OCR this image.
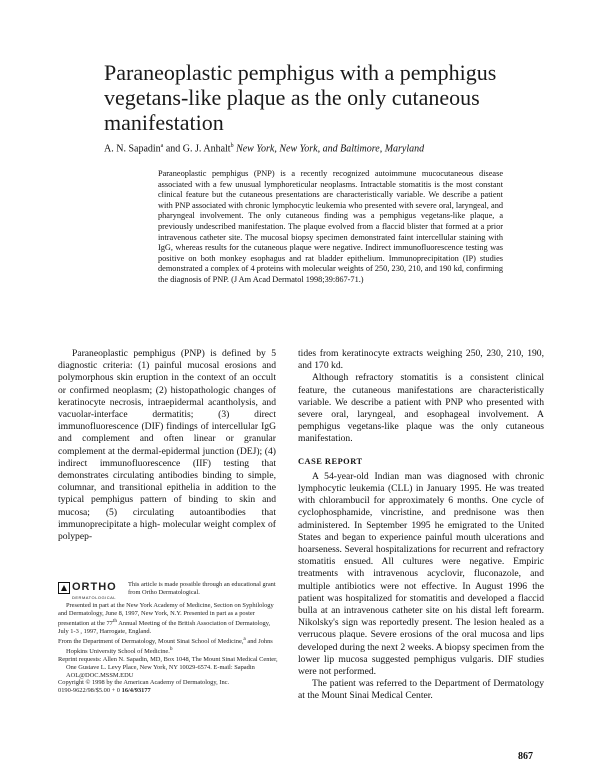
Paraneoplastic pemphigus with a pemphigus
vegetans-like plaque as the only cutaneous
manifestation
A. N. Sapadin$^a$ and G. J. Anhalt$^b$ New York, New York, and Baltimore, Maryland
Paraneoplastic pemphigus (PNP) is a recently recognized autoimmune mucocutaneous disease associated with a few unusual lymphoreticular neoplasms. Intractable stomatitis is the most constant clinical feature but the cutaneous presentations are characteristically variable. We describe a patient with PNP associated with chronic lymphocytic leukemia who presented with severe oral, laryngeal, and pharyngeal involvement. The only cutaneous finding was a pemphigus vegetans-like plaque, a previously undescribed manifestation. The plaque evolved from a flaccid blister that formed at a prior intravenous catheter site. The mucosal biopsy specimen demonstrated faint intercellular staining with IgG, whereas results for the cutaneous plaque were negative. Indirect immunofluorescence testing was positive on both monkey esophagus and rat bladder epithelium. Immunoprecipitation (IP) studies demonstrated a complex of 4 proteins with molecular weights of 250, 230, 210, and 190 kd, confirming the diagnosis of PNP. (J Am Acad Dermatol 1998;39:867-71.)

Paraneoplastic pemphigus (PNP) is defined by 5 diagnostic criteria: (1) painful mucosal erosions and polymorphous skin eruption in the context of an occult or confirmed neoplasm; (2) histopathologic changes of keratinocyte necrosis, intraepidermal acantholysis, and vacuolar-interface dermatitis; (3) direct immunofluorescence (DIF) findings of intercellular IgG and complement and often linear or granular complement at the dermal-epidermal junction (DEJ); (4) indirect immunofluorescence (IIF) testing that demonstrates circulating antibodies binding to simple, columnar, and transitional epithelia in addition to the typical pemphigus pattern of binding to skin and mucosa; (5) circulating autoantibodies that immunoprecipitate a high- molecular weight complex of polypep-

tides from keratinocyte extracts weighing 250, 230, 210, 190, and 170 kd.

Although refractory stomatitis is a consistent clinical feature, the cutaneous manifestations are characteristically variable. We describe a patient with PNP who presented with severe oral, laryngeal, and esophageal involvement. A pemphigus vegetans-like plaque was the only cutaneous manifestation.

CASE REPORT

A 54-year-old Indian man was diagnosed with chronic lymphocytic leukemia (CLL) in January 1995. He was treated with chlorambucil for approximately 6 months. One cycle of cyclophosphamide, vincristine, and prednisone was then administered. In September 1995 he emigrated to the United States and began to experience painful mouth ulcerations and hoarseness. Several hospitalizations for recurrent and refractory stomatitis ensued. All cultures were negative. Empiric treatments with intravenous acyclovir, fluconazole, and multiple antibiotics were not effective. In August 1996 the patient was hospitalized for stomatitis and developed a flaccid bulla at an intravenous catheter site on his distal left forearm. Nikolsky's sign was reportedly present. The lesion healed as a verrucous plaque. Severe erosions of the oral mucosa and lips developed during the next 2 weeks. A biopsy specimen from the lower lip mucosa suggested pemphigus vulgaris. DIF studies were not performed.

The patient was referred to the Department of Dermatology at the Mount Sinai Medical Center.

ORTHO
DERMATOLOGICAL
This article is made possible through an educational grant from Ortho Dermatological.
Presented in part at the New York Academy of Medicine, Section on Syphilology and Dermatology, June 8, 1997, New York, N.Y. Presented in part as a poster presentation at the 77th Annual Meeting of the British Association of Dermatology, July 1-3 , 1997, Harrogate, England.
From the Department of Dermatology, Mount Sinai School of Medicine,$^a$ and Johns Hopkins University School of Medicine.$^b$
Reprint requests: Allen N. Sapadin, MD, Box 1048, The Mount Sinai Medical Center, One Gustave L. Levy Place, New York, NY 10029-6574. E-mail: Sapadin AOL@DOC.MSSM.EDU
Copyright © 1998 by the American Academy of Dermatology, Inc.
0190-9622/98/$5.00 + 0 16/4/93177
867
